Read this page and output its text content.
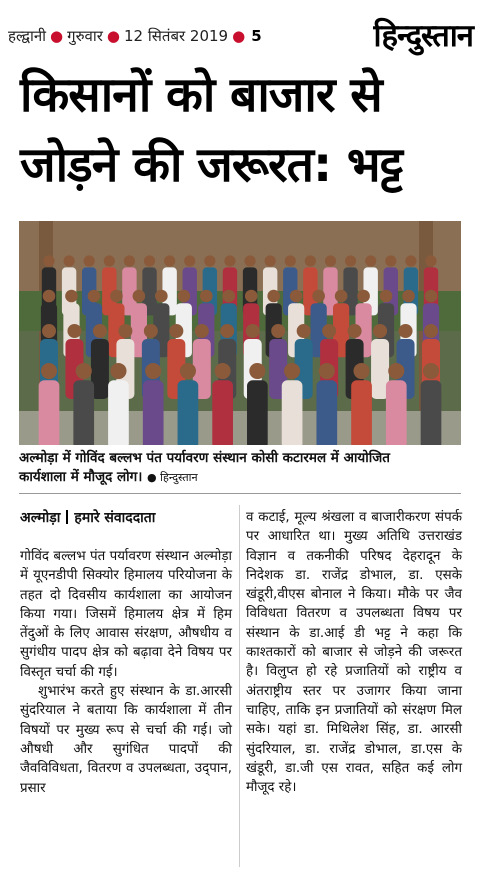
हल्द्वानी ● गुरुवार ● 12 सितंबर 2019 ● 5	हिन्दुस्तान
किसानों को बाजार से
जोड़ने की जरूरत: भट्ट
अल्मोड़ा में गोविंद बल्लभ पंत पर्यावरण संस्थान कोसी कटारमल में आयोजित
कार्यशाला में मौजूद लोग। ● हिन्दुस्तान
अल्मोड़ा हमारे संवाददाता

गोविंद बल्लभ पंत पर्यावरण संस्थान अल्मोड़ा में यूएनडीपी सिक्योर हिमालय परियोजना के तहत दो दिवसीय कार्यशाला का आयोजन किया गया। जिसमें हिमालय क्षेत्र में हिम तेंदुओं के लिए आवास संरक्षण, औषधीय व सुगंधीय पादप क्षेत्र को बढ़ावा देने विषय पर विस्तृत चर्चा की गई।

शुभारंभ करते हुए संस्थान के डा.आरसी सुंदरियाल ने बताया कि कार्यशाला में तीन विषयों पर मुख्य रूप से चर्चा की गई। जो औषधी और सुगंधित पादपों की जैवविविधता, वितरण व उपलब्धता, उद्पान, प्रसार

व कटाई, मूल्य श्रंखला व बाजारीकरण संपर्क पर आधारित था। मुख्य अतिथि उत्तराखंड विज्ञान व तकनीकी परिषद देहरादून के निदेशक डा. राजेंद्र डोभाल, डा. एसके खंडूरी,वीएस बोनाल ने किया। मौके पर जैव विविधता वितरण व उपलब्धता विषय पर संस्थान के डा.आई डी भट्ट ने कहा कि काश्तकारों को बाजार से जोड़ने की जरूरत है। विलुप्त हो रहे प्रजातियों को राष्ट्रीय व अंतराष्ट्रीय स्तर पर उजागर किया जाना चाहिए, ताकि इन प्रजातियों को संरक्षण मिल सके। यहां डा. मिथिलेश सिंह, डा. आरसी सुंदरियाल, डा. राजेंद्र डोभाल, डा.एस के खंडूरी, डा.जी एस रावत, सहित कई लोग मौजूद रहे।
